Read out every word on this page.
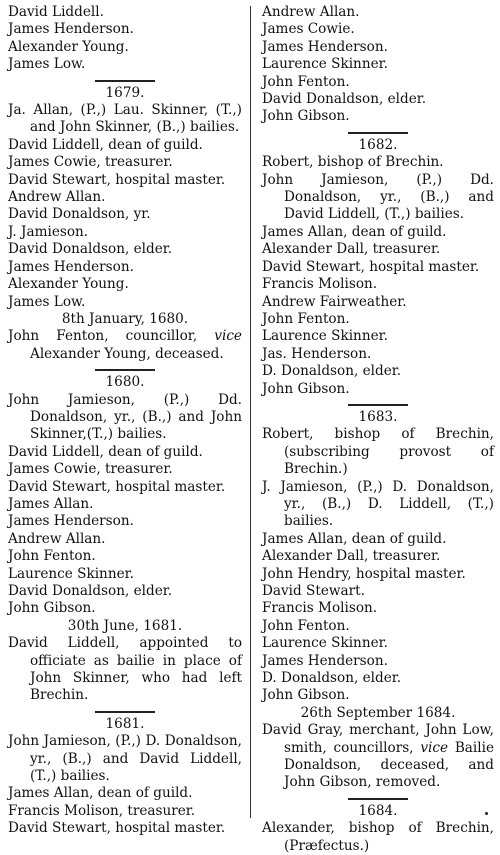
David Liddell.
James Henderson.
Alexander Young.
James Low.
1679.
Ja. Allan, (P.,) Lau. Skinner, (T.,) and John Skinner, (B.,) bailies.
David Liddell, dean of guild.
James Cowie, treasurer.
David Stewart, hospital master.
Andrew Allan.
David Donaldson, yr.
J. Jamieson.
David Donaldson, elder.
James Henderson.
Alexander Young.
James Low.
8th January, 1680.
John Fenton, councillor, vice Alexander Young, deceased.
1680.
John Jamieson, (P.,) Dd. Donaldson, yr., (B.,) and John Skinner,(T.,) bailies.
David Liddell, dean of guild.
James Cowie, treasurer.
David Stewart, hospital master.
James Allan.
James Henderson.
Andrew Allan.
John Fenton.
Laurence Skinner.
David Donaldson, elder.
John Gibson.
30th June, 1681.
David Liddell, appointed to officiate as bailie in place of John Skinner, who had left Brechin.
1681.
John Jamieson, (P.,) D. Donaldson, yr., (B.,) and David Liddell, (T.,) bailies.
James Allan, dean of guild.
Francis Molison, treasurer.
David Stewart, hospital master.
Andrew Allan.
James Cowie.
James Henderson.
Laurence Skinner.
John Fenton.
David Donaldson, elder.
John Gibson.
1682.
Robert, bishop of Brechin.
John Jamieson, (P.,) Dd. Donaldson, yr., (B.,) and David Liddell, (T.,) bailies.
James Allan, dean of guild.
Alexander Dall, treasurer.
David Stewart, hospital master.
Francis Molison.
Andrew Fairweather.
John Fenton.
Laurence Skinner.
Jas. Henderson.
D. Donaldson, elder.
John Gibson.
1683.
Robert, bishop of Brechin, (subscribing provost of Brechin.)
J. Jamieson, (P.,) D. Donaldson, yr., (B.,) D. Liddell, (T.,) bailies.
James Allan, dean of guild.
Alexander Dall, treasurer.
John Hendry, hospital master.
David Stewart.
Francis Molison.
John Fenton.
Laurence Skinner.
James Henderson.
D. Donaldson, elder.
John Gibson.
26th September 1684.
David Gray, merchant, John Low, smith, councillors, vice Bailie Donaldson, deceased, and John Gibson, removed.
1684.
Alexander, bishop of Brechin, (Præfectus.)
